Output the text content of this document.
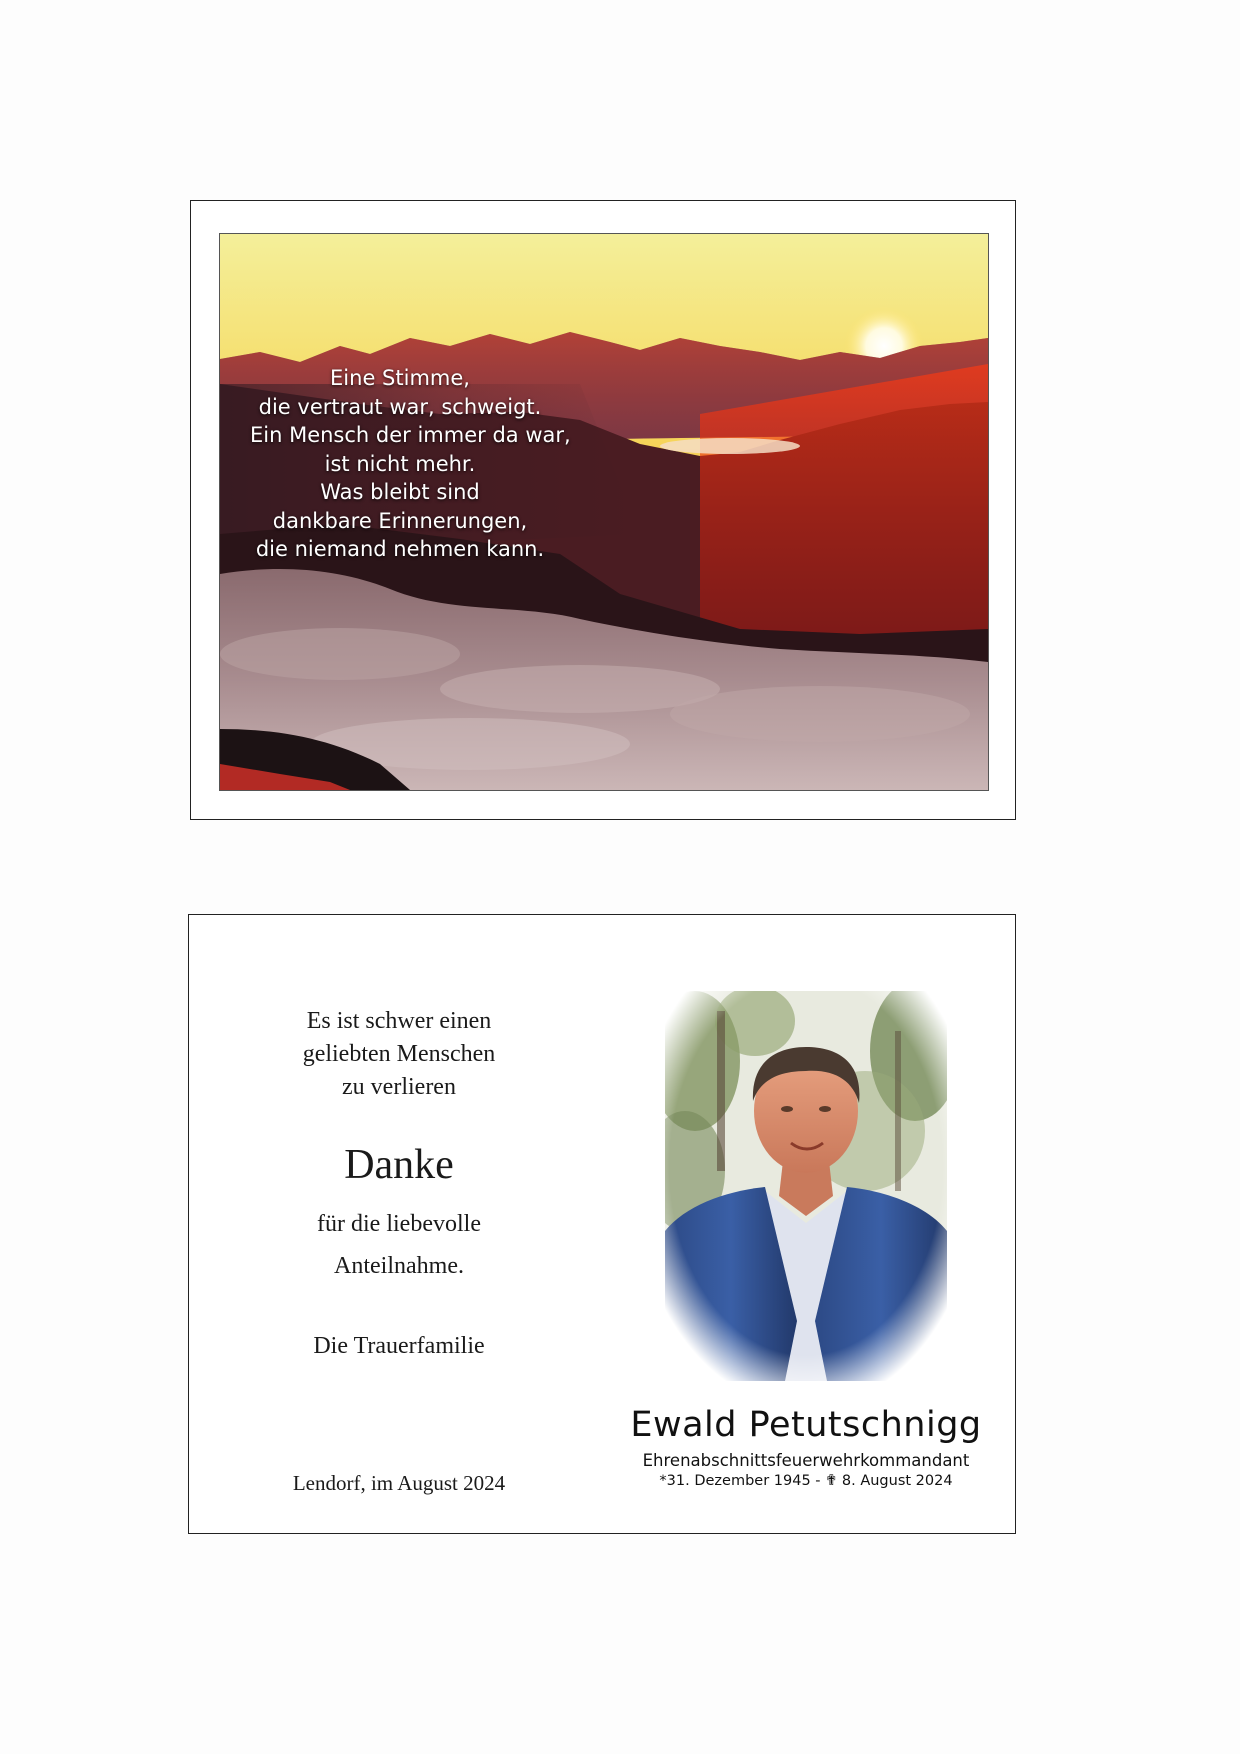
Eine Stimme,
die vertraut war, schweigt.
Ein Mensch der immer da war,
ist nicht mehr.
Was bleibt sind
dankbare Erinnerungen,
die niemand nehmen kann.
Es ist schwer einen
geliebten Menschen
zu verlieren
Danke
für die liebevolle
Anteilnahme.
Die Trauerfamilie
Lendorf, im August 2024
Ewald Petutschnigg
Ehrenabschnittsfeuerwehrkommandant
*31. Dezember 1945 - ✟ 8. August 2024
